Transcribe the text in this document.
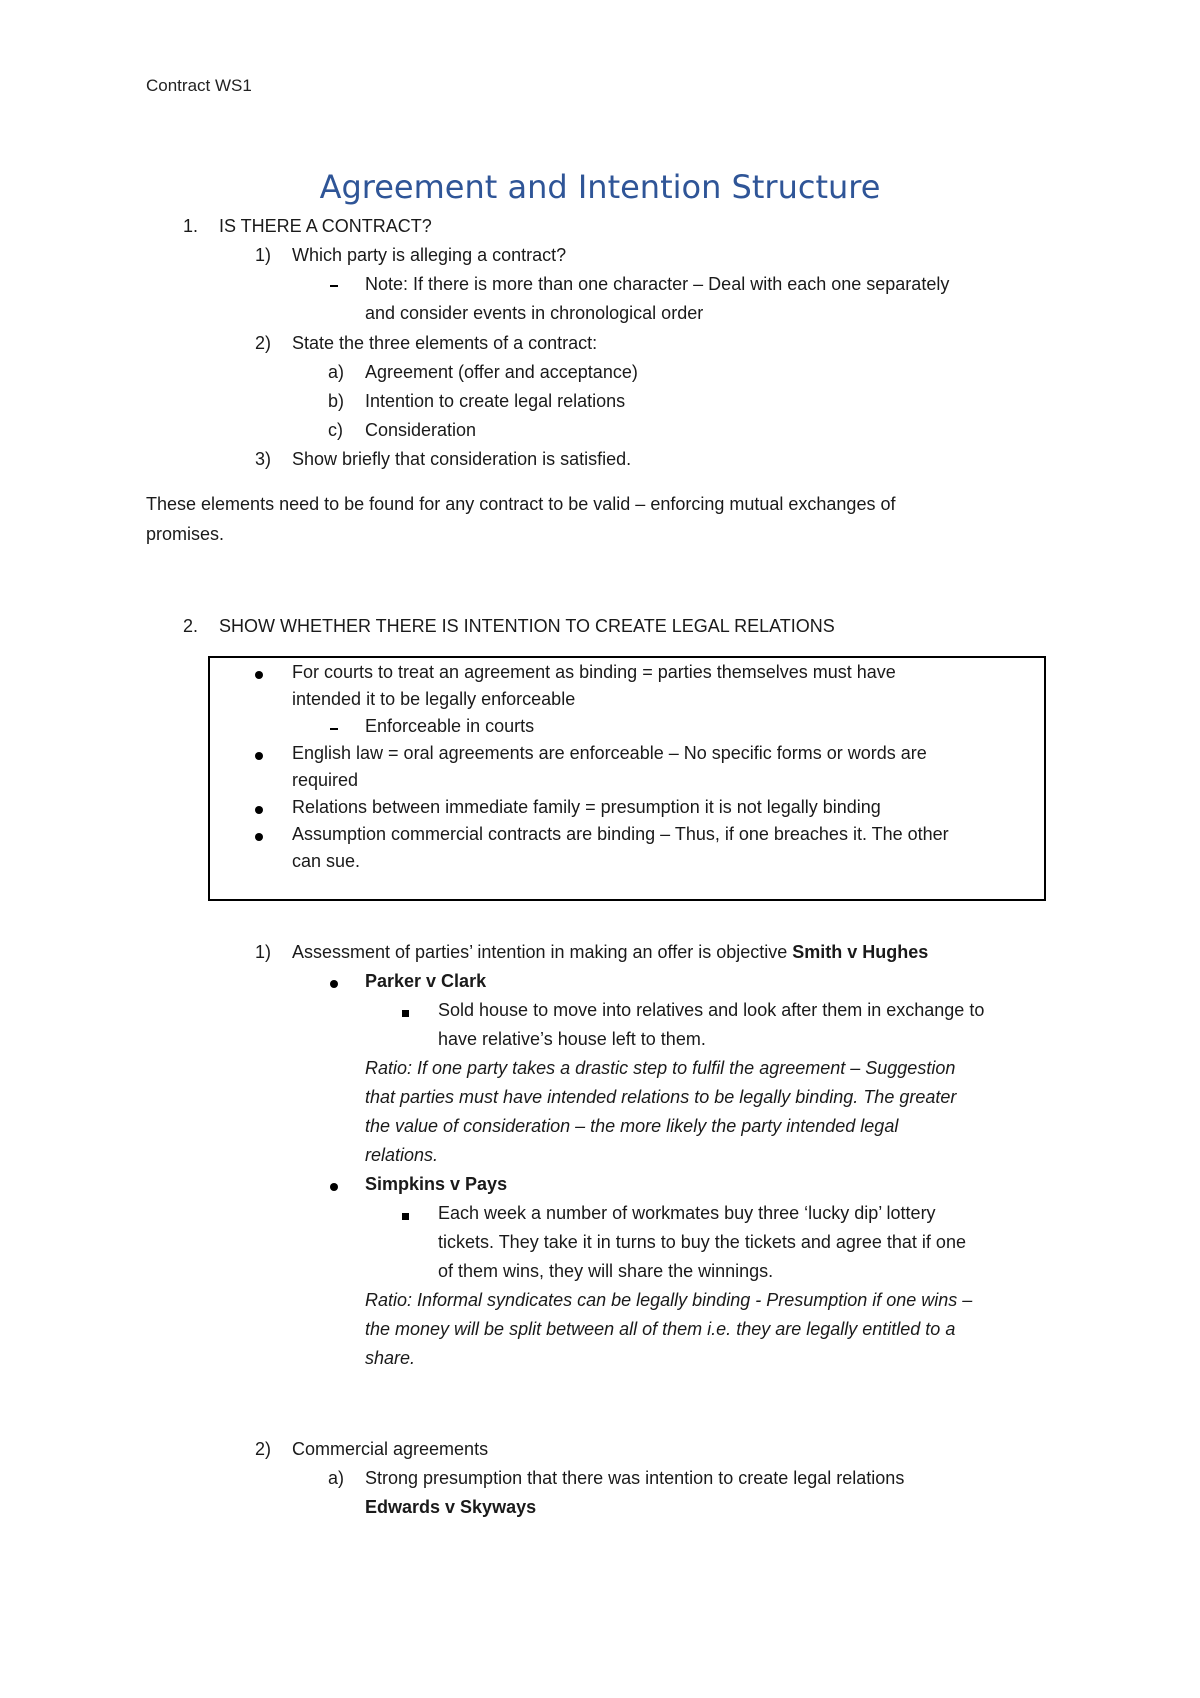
Contract WS1
Agreement and Intention Structure
1. IS THERE A CONTRACT?
1) Which party is alleging a contract?
Note: If there is more than one character – Deal with each one separately
and consider events in chronological order
2) State the three elements of a contract:
a) Agreement (offer and acceptance)
b) Intention to create legal relations
c) Consideration
3) Show briefly that consideration is satisfied.
These elements need to be found for any contract to be valid – enforcing mutual exchanges of
promises.
2. SHOW WHETHER THERE IS INTENTION TO CREATE LEGAL RELATIONS
For courts to treat an agreement as binding = parties themselves must have
intended it to be legally enforceable
Enforceable in courts
English law = oral agreements are enforceable – No specific forms or words are
required
Relations between immediate family = presumption it is not legally binding
Assumption commercial contracts are binding – Thus, if one breaches it. The other
can sue.
1) Assessment of parties’ intention in making an offer is objective Smith v Hughes
Parker v Clark
Sold house to move into relatives and look after them in exchange to
have relative’s house left to them.
Ratio: If one party takes a drastic step to fulfil the agreement – Suggestion
that parties must have intended relations to be legally binding. The greater
the value of consideration – the more likely the party intended legal
relations.
Simpkins v Pays
Each week a number of workmates buy three ‘lucky dip’ lottery
tickets. They take it in turns to buy the tickets and agree that if one
of them wins, they will share the winnings.
Ratio: Informal syndicates can be legally binding - Presumption if one wins –
the money will be split between all of them i.e. they are legally entitled to a
share.
2) Commercial agreements
a) Strong presumption that there was intention to create legal relations
Edwards v Skyways
